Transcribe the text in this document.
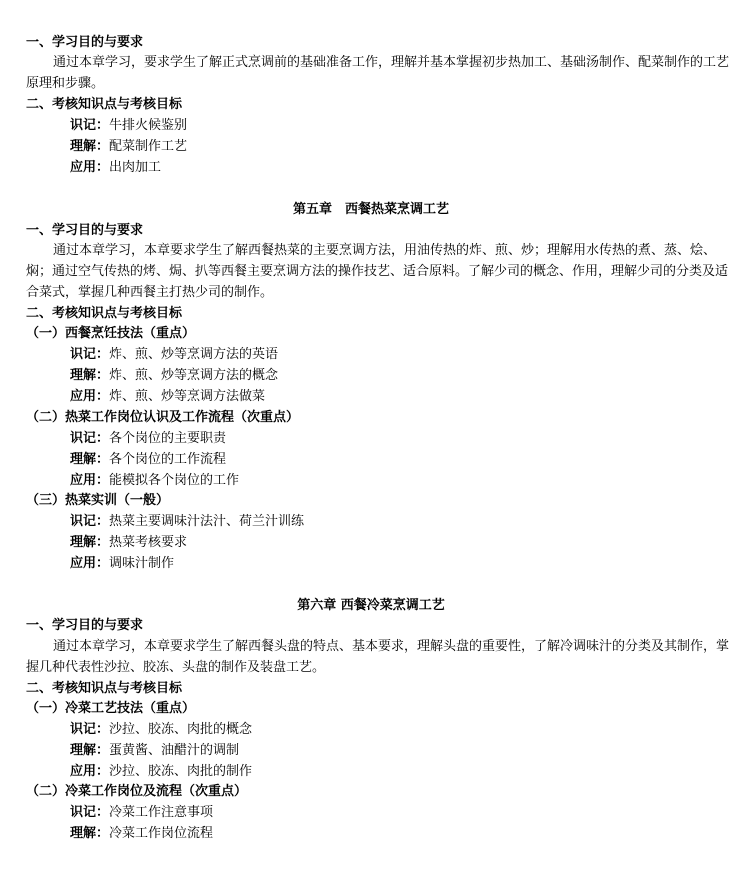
一、学习目的与要求
通过本章学习，要求学生了解正式烹调前的基础准备工作，理解并基本掌握初步热加工、基础汤制作、配菜制作的工艺原理和步骤。
二、考核知识点与考核目标
识记：牛排火候鉴别
理解：配菜制作工艺
应用：出肉加工
第五章　西餐热菜烹调工艺
一、学习目的与要求
通过本章学习，本章要求学生了解西餐热菜的主要烹调方法，用油传热的炸、煎、炒；理解用水传热的煮、蒸、烩、焖；通过空气传热的烤、焗、扒等西餐主要烹调方法的操作技艺、适合原料。了解少司的概念、作用，理解少司的分类及适合菜式，掌握几种西餐主打热少司的制作。
二、考核知识点与考核目标
（一）西餐烹饪技法（重点）
识记：炸、煎、炒等烹调方法的英语
理解：炸、煎、炒等烹调方法的概念
应用：炸、煎、炒等烹调方法做菜
（二）热菜工作岗位认识及工作流程（次重点）
识记：各个岗位的主要职责
理解：各个岗位的工作流程
应用：能模拟各个岗位的工作
（三）热菜实训（一般）
识记：热菜主要调味汁法汁、荷兰汁训练
理解：热菜考核要求
应用：调味汁制作
第六章 西餐冷菜烹调工艺
一、学习目的与要求
通过本章学习，本章要求学生了解西餐头盘的特点、基本要求，理解头盘的重要性，了解冷调味汁的分类及其制作，掌握几种代表性沙拉、胶冻、头盘的制作及装盘工艺。
二、考核知识点与考核目标
（一）冷菜工艺技法（重点）
识记：沙拉、胶冻、肉批的概念
理解：蛋黄酱、油醋汁的调制
应用：沙拉、胶冻、肉批的制作
（二）冷菜工作岗位及流程（次重点）
识记：冷菜工作注意事项
理解：冷菜工作岗位流程
